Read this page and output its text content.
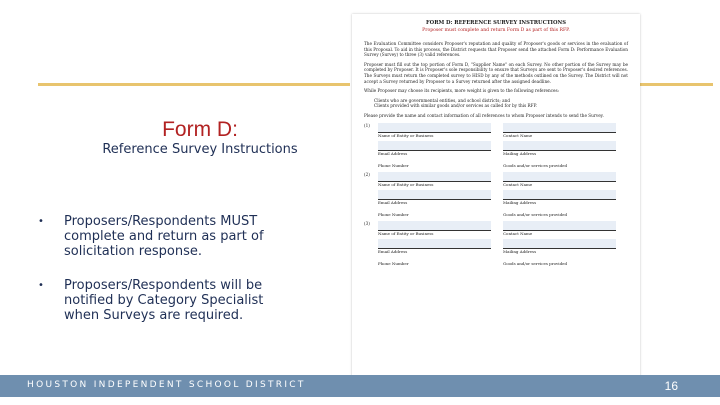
Form D:
Reference Survey Instructions
• Proposers/Respondents MUST complete and return as part of solicitation response.
• Proposers/Respondents will be notified by Category Specialist when Surveys are required.
FORM D: REFERENCE SURVEY INSTRUCTIONS
Proposer must complete and return Form D as part of this RFP.

The Evaluation Committee considers Proposer's reputation and quality of Proposer's goods or services in the evaluation of this Proposal. To aid in this process, the District requests that Proposer send the attached Form D: Performance Evaluation Survey (Survey) to three (3) valid references.

Proposer must fill out the top portion of Form D, "Supplier Name" on each Survey. No other portion of the Survey may be completed by Proposer. It is Proposer's sole responsibility to ensure that Surveys are sent to Proposer's desired references. The Surveys must return the completed survey to HISD by any of the methods outlined on the Survey. The District will not accept a Survey returned by Proposer to a Survey returned after the assigned deadline.

While Proposer may choose its recipients, more weight is given to the following references:

Clients who are governmental entities, and school districts; and
Clients provided with similar goods and/or services as called for by this RFP.

Please provide the name and contact information of all references to whom Proposer intends to send the Survey.

(1)
Name of Entity or Business	Contact Name
Email Address	Mailing Address
Phone Number	Goods and/or services provided
(2)
Name of Entity or Business	Contact Name
Email Address	Mailing Address
Phone Number	Goods and/or services provided
(3)
Name of Entity or Business	Contact Name
Email Address	Mailing Address
Phone Number	Goods and/or services provided
HOUSTON INDEPENDENT SCHOOL DISTRICT	16
